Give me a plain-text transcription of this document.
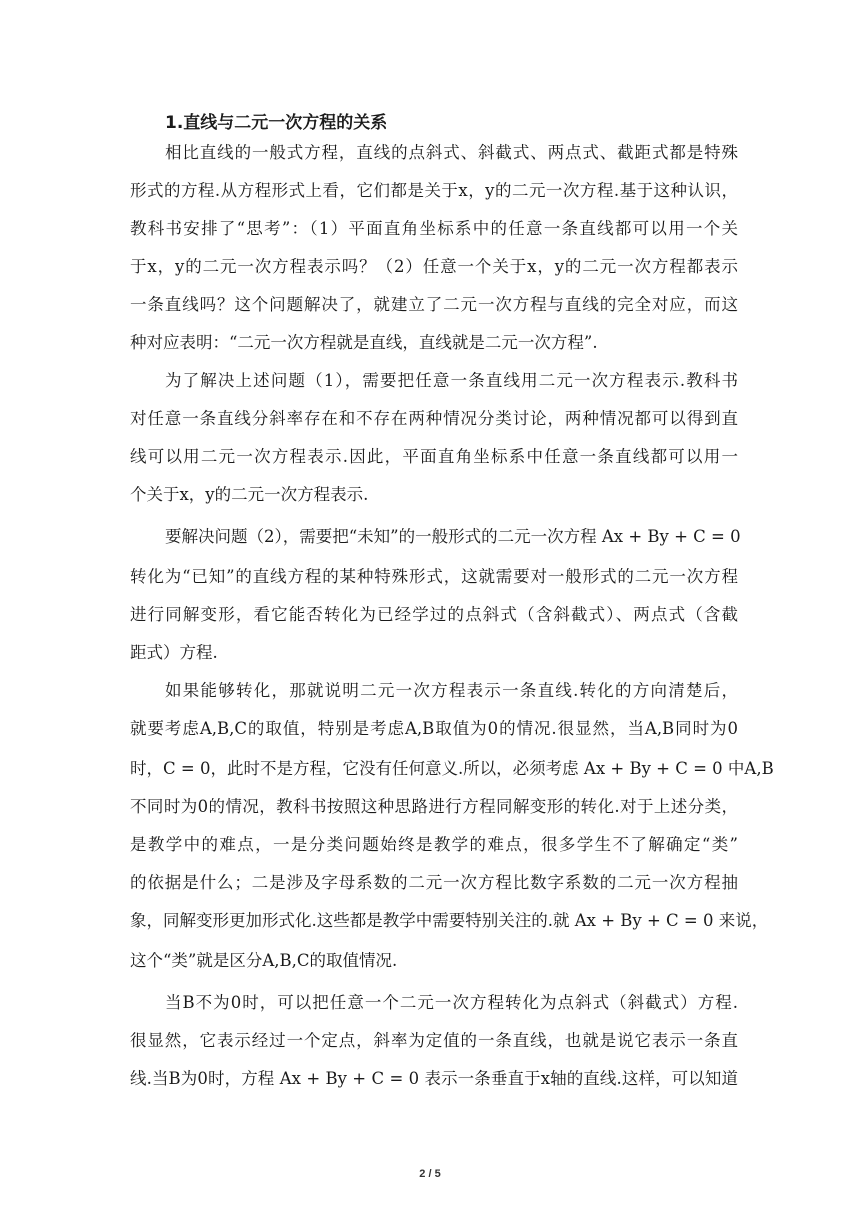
1.直线与二元一次方程的关系
相比直线的一般式方程，直线的点斜式、斜截式、两点式、截距式都是特殊
形式的方程.从方程形式上看，它们都是关于x，y的二元一次方程.基于这种认识，
教科书安排了“思考”：（1）平面直角坐标系中的任意一条直线都可以用一个关
于x，y的二元一次方程表示吗？（2）任意一个关于x，y的二元一次方程都表示
一条直线吗？这个问题解决了，就建立了二元一次方程与直线的完全对应，而这
种对应表明：“二元一次方程就是直线，直线就是二元一次方程”.
为了解决上述问题（1），需要把任意一条直线用二元一次方程表示.教科书
对任意一条直线分斜率存在和不存在两种情况分类讨论，两种情况都可以得到直
线可以用二元一次方程表示.因此，平面直角坐标系中任意一条直线都可以用一
个关于x，y的二元一次方程表示.
要解决问题（2），需要把“未知”的一般形式的二元一次方程 Ax + By + C = 0
转化为“已知”的直线方程的某种特殊形式，这就需要对一般形式的二元一次方程
进行同解变形，看它能否转化为已经学过的点斜式（含斜截式）、两点式（含截
距式）方程.
如果能够转化，那就说明二元一次方程表示一条直线.转化的方向清楚后，
就要考虑A,B,C的取值，特别是考虑A,B取值为0的情况.很显然，当A,B同时为0
时，C = 0，此时不是方程，它没有任何意义.所以，必须考虑 Ax + By + C = 0 中A,B
不同时为0的情况，教科书按照这种思路进行方程同解变形的转化.对于上述分类，
是教学中的难点，一是分类问题始终是教学的难点，很多学生不了解确定“类”
的依据是什么；二是涉及字母系数的二元一次方程比数字系数的二元一次方程抽
象，同解变形更加形式化.这些都是教学中需要特别关注的.就 Ax + By + C = 0 来说，
这个“类”就是区分A,B,C的取值情况.
当B不为0时，可以把任意一个二元一次方程转化为点斜式（斜截式）方程.
很显然，它表示经过一个定点，斜率为定值的一条直线，也就是说它表示一条直
线.当B为0时，方程 Ax + By + C = 0 表示一条垂直于x轴的直线.这样，可以知道
2 / 5
